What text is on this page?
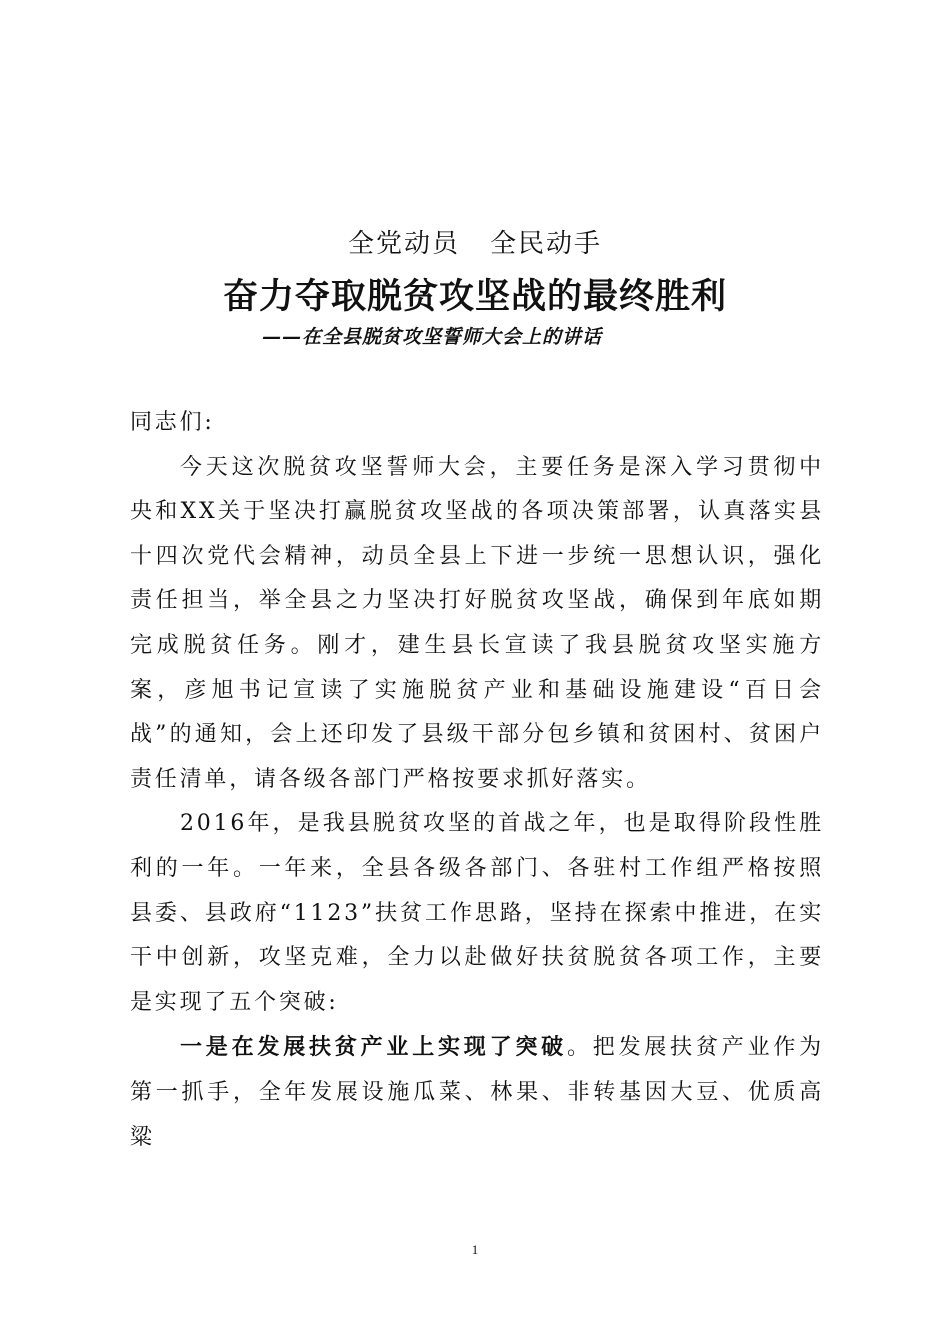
全党动员 全民动手
奋力夺取脱贫攻坚战的最终胜利
——在全县脱贫攻坚誓师大会上的讲话

同志们:

今天这次脱贫攻坚誓师大会，主要任务是深入学习贯彻中央和XX关于坚决打赢脱贫攻坚战的各项决策部署，认真落实县十四次党代会精神，动员全县上下进一步统一思想认识，强化责任担当，举全县之力坚决打好脱贫攻坚战，确保到年底如期完成脱贫任务。刚才，建生县长宣读了我县脱贫攻坚实施方案，彦旭书记宣读了实施脱贫产业和基础设施建设“百日会战”的通知，会上还印发了县级干部分包乡镇和贫困村、贫困户责任清单，请各级各部门严格按要求抓好落实。

2016年，是我县脱贫攻坚的首战之年，也是取得阶段性胜利的一年。一年来，全县各级各部门、各驻村工作组严格按照县委、县政府“1123”扶贫工作思路，坚持在探索中推进，在实干中创新，攻坚克难，全力以赴做好扶贫脱贫各项工作，主要是实现了五个突破:

一是在发展扶贫产业上实现了突破。把发展扶贫产业作为第一抓手，全年发展设施瓜菜、林果、非转基因大豆、优质高粱

1
